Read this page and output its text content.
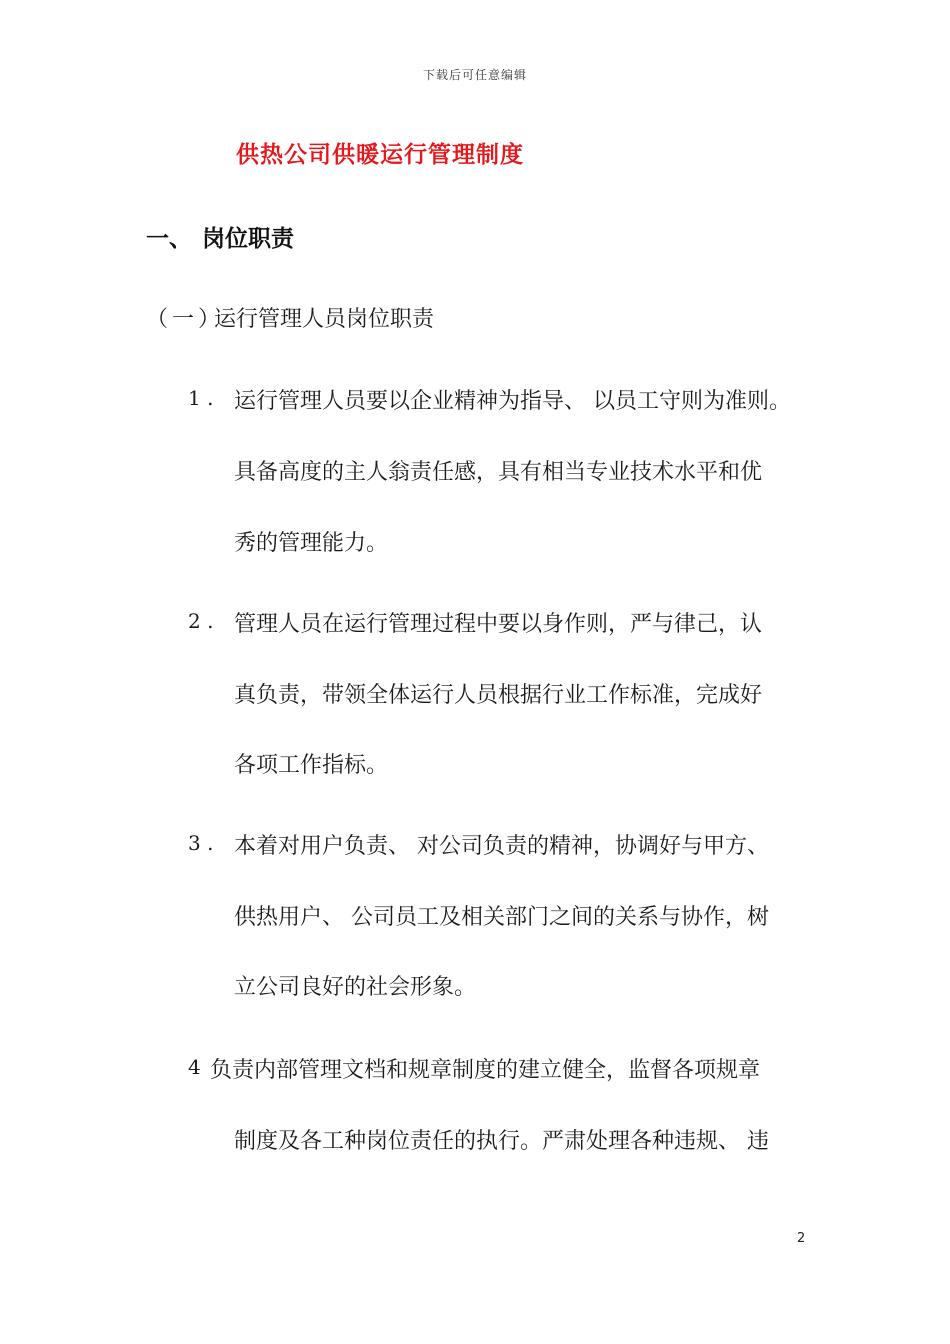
下载后可任意编辑
供热公司供暖运行管理制度
一、 岗位职责
（一）运行管理人员岗位职责
1 . 运行管理人员要以企业精神为指导、 以员工守则为准则。
具备高度的主人翁责任感，具有相当专业技术水平和优
秀的管理能力。
2 . 管理人员在运行管理过程中要以身作则，严与律己，认
真负责，带领全体运行人员根据行业工作标准，完成好
各项工作指标。
3 . 本着对用户负责、 对公司负责的精神，协调好与甲方、
供热用户、 公司员工及相关部门之间的关系与协作，树
立公司良好的社会形象。
4 负责内部管理文档和规章制度的建立健全，监督各项规章
制度及各工种岗位责任的执行。严肃处理各种违规、 违
2
